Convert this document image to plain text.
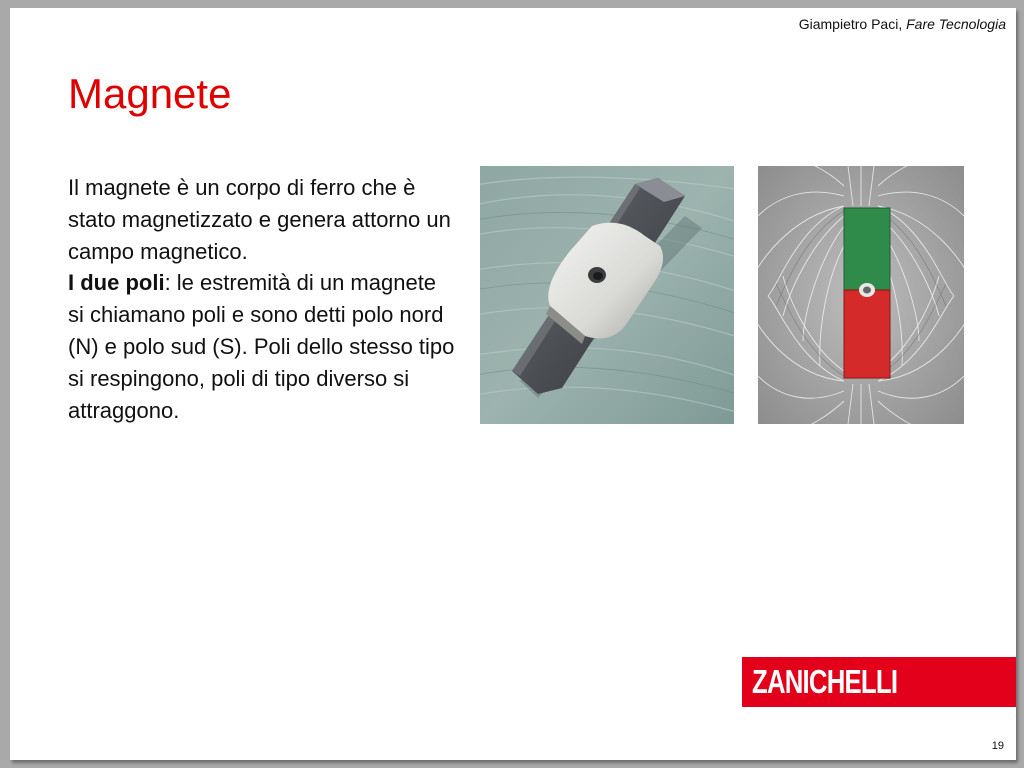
Giampietro Paci, Fare Tecnologia
Magnete

Il magnete è un corpo di ferro che è stato magnetizzato e genera attorno un campo magnetico.

I due poli: le estremità di un magnete si chiamano poli e sono detti polo nord (N) e polo sud (S). Poli dello stesso tipo si respingono, poli di tipo diverso si attraggono.

ZANICHELLI
19
